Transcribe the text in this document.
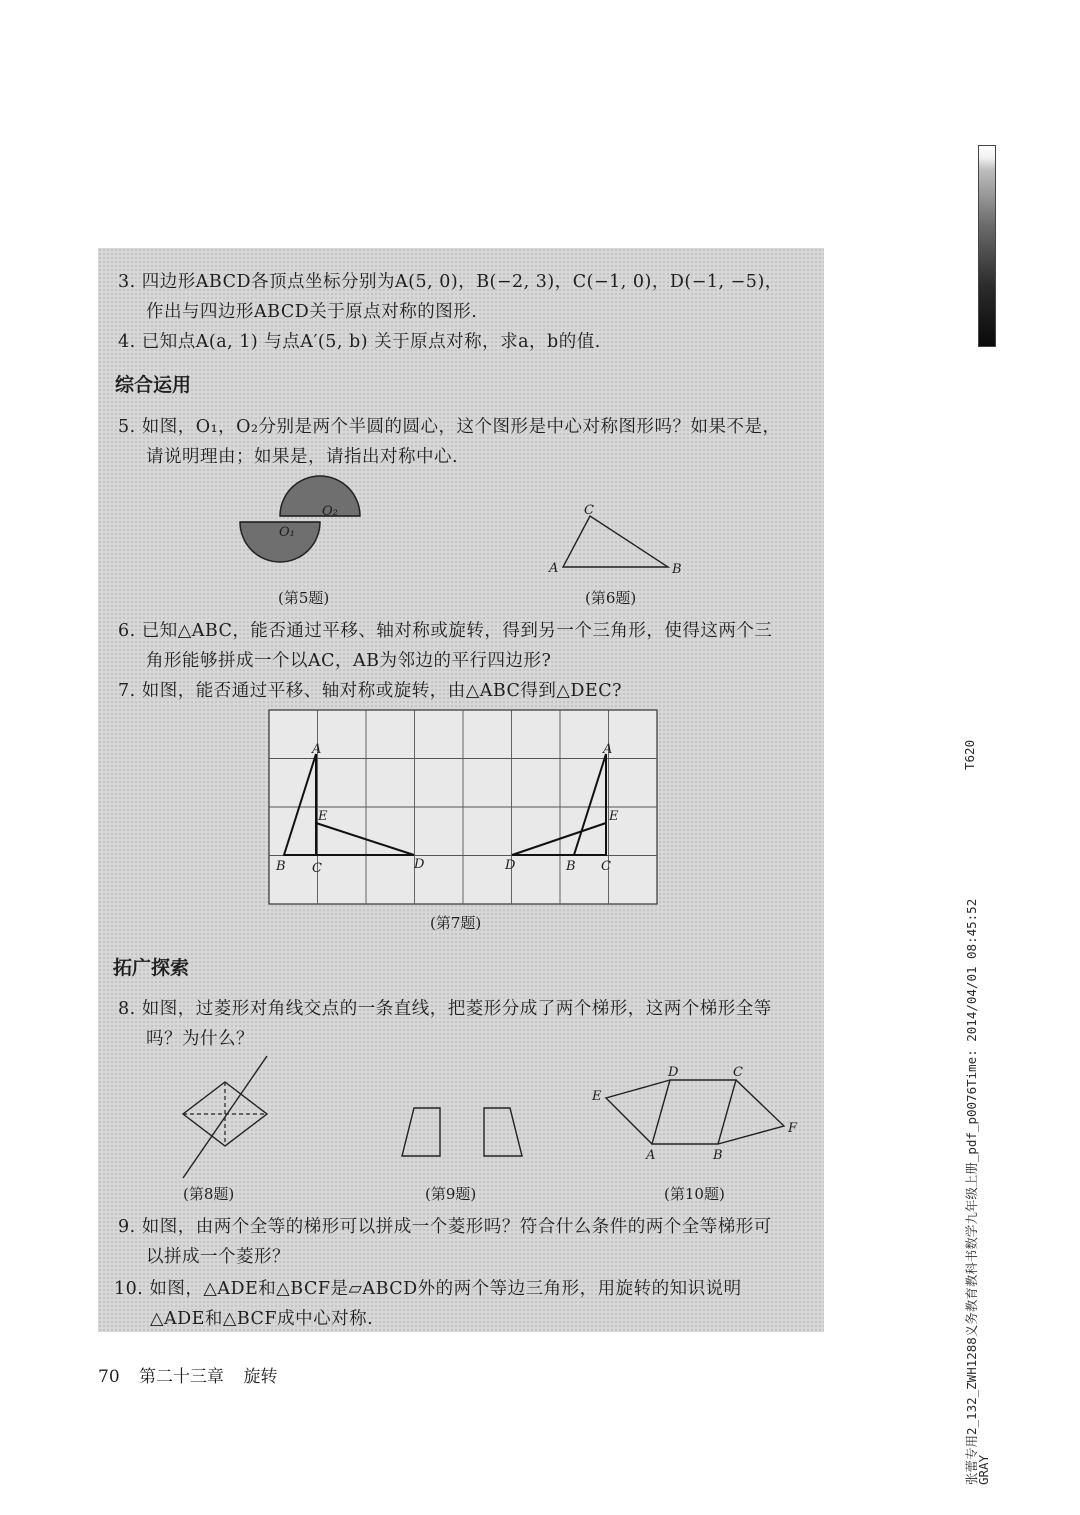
T620
张蕾专用2_132_ZWH1288义务教育教科书数学九年级上册_pdf_p0076Time: 2014/04/01 08:45:52
GRAY
3. 四边形ABCD各顶点坐标分别为A(5, 0)，B(−2, 3)，C(−1, 0)，D(−1, −5)，
作出与四边形ABCD关于原点对称的图形.
4. 已知点A(a, 1) 与点A′(5, b) 关于原点对称，求a，b的值.
综合运用
5. 如图，O₁，O₂分别是两个半圆的圆心，这个图形是中心对称图形吗？如果不是，
请说明理由；如果是，请指出对称中心.
O₁
O₂
(第5题)
C
A	B
(第6题)
6. 已知△ABC，能否通过平移、轴对称或旋转，得到另一个三角形，使得这两个三
角形能够拼成一个以AC，AB为邻边的平行四边形?
7. 如图，能否通过平移、轴对称或旋转，由△ABC得到△DEC?
A
E
B C	D
A
E
D	B C
(第7题)
拓广探索
8. 如图，过菱形对角线交点的一条直线，把菱形分成了两个梯形，这两个梯形全等
吗？为什么？
(第8题)	(第9题)
D	C
E
F
A	B
(第10题)
9. 如图，由两个全等的梯形可以拼成一个菱形吗？符合什么条件的两个全等梯形可
以拼成一个菱形？
10. 如图，△ADE和△BCF是▱ABCD外的两个等边三角形，用旋转的知识说明
△ADE和△BCF成中心对称.
70 第二十三章 旋转
